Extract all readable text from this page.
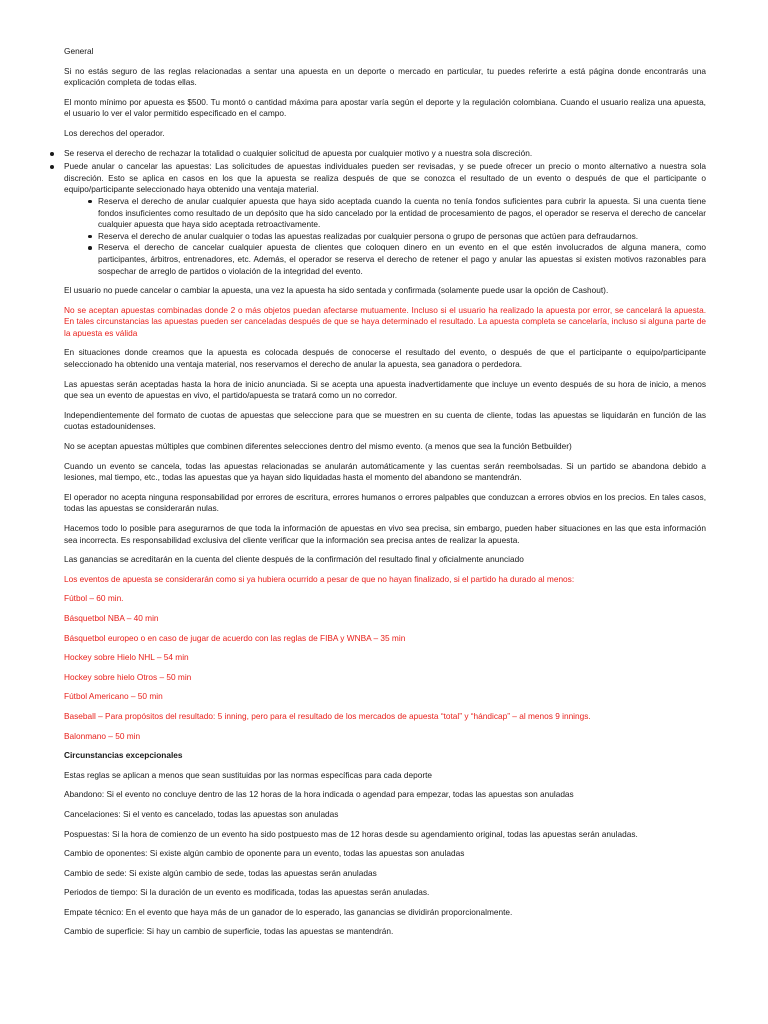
General

Si no estás seguro de las reglas relacionadas a sentar una apuesta en un deporte o mercado en particular, tu puedes referirte a está página donde encontrarás una explicación completa de todas ellas.

El monto mínimo por apuesta es $500. Tu montó o cantidad máxima para apostar varía según el deporte y la regulación colombiana. Cuando el usuario realiza una apuesta, el usuario lo ver el valor permitido especificado en el campo.

Los derechos del operador.

Se reserva el derecho de rechazar la totalidad o cualquier solicitud de apuesta por cualquier motivo y a nuestra sola discreción.
Puede anular o cancelar las apuestas: Las solicitudes de apuestas individuales pueden ser revisadas, y se puede ofrecer un precio o monto alternativo a nuestra sola discreción. Esto se aplica en casos en los que la apuesta se realiza después de que se conozca el resultado de un evento o después de que el participante o equipo/participante seleccionado haya obtenido una ventaja material.
Reserva el derecho de anular cualquier apuesta que haya sido aceptada cuando la cuenta no tenía fondos suficientes para cubrir la apuesta. Si una cuenta tiene fondos insuficientes como resultado de un depósito que ha sido cancelado por la entidad de procesamiento de pagos, el operador se reserva el derecho de cancelar cualquier apuesta que haya sido aceptada retroactivamente.
Reserva el derecho de anular cualquier o todas las apuestas realizadas por cualquier persona o grupo de personas que actúen para defraudarnos.
Reserva el derecho de cancelar cualquier apuesta de clientes que coloquen dinero en un evento en el que estén involucrados de alguna manera, como participantes, árbitros, entrenadores, etc. Además, el operador se reserva el derecho de retener el pago y anular las apuestas si existen motivos razonables para sospechar de arreglo de partidos o violación de la integridad del evento.

El usuario no puede cancelar o cambiar la apuesta, una vez la apuesta ha sido sentada y confirmada (solamente puede usar la opción de Cashout).

No se aceptan apuestas combinadas donde 2 o más objetos puedan afectarse mutuamente. Incluso si el usuario ha realizado la apuesta por error, se cancelará la apuesta. En tales circunstancias las apuestas pueden ser canceladas después de que se haya determinado el resultado. La apuesta completa se cancelaría, incluso si alguna parte de la apuesta es válida

En situaciones donde creamos que la apuesta es colocada después de conocerse el resultado del evento, o después de que el participante o equipo/participante seleccionado ha obtenido una ventaja material, nos reservamos el derecho de anular la apuesta, sea ganadora o perdedora.

Las apuestas serán aceptadas hasta la hora de inicio anunciada. Si se acepta una apuesta inadvertidamente que incluye un evento después de su hora de inicio, a menos que sea un evento de apuestas en vivo, el partido/apuesta se tratará como un no corredor.

Independientemente del formato de cuotas de apuestas que seleccione para que se muestren en su cuenta de cliente, todas las apuestas se liquidarán en función de las cuotas estadounidenses.

No se aceptan apuestas múltiples que combinen diferentes selecciones dentro del mismo evento. (a menos que sea la función Betbuilder)

Cuando un evento se cancela, todas las apuestas relacionadas se anularán automáticamente y las cuentas serán reembolsadas. Si un partido se abandona debido a lesiones, mal tiempo, etc., todas las apuestas que ya hayan sido liquidadas hasta el momento del abandono se mantendrán.

El operador no acepta ninguna responsabilidad por errores de escritura, errores humanos o errores palpables que conduzcan a errores obvios en los precios. En tales casos, todas las apuestas se considerarán nulas.

Hacemos todo lo posible para asegurarnos de que toda la información de apuestas en vivo sea precisa, sin embargo, pueden haber situaciones en las que esta información sea incorrecta. Es responsabilidad exclusiva del cliente verificar que la información sea precisa antes de realizar la apuesta.

Las ganancias se acreditarán en la cuenta del cliente después de la confirmación del resultado final y oficialmente anunciado

Los eventos de apuesta se considerarán como si ya hubiera ocurrido a pesar de que no hayan finalizado, si el partido ha durado al menos:

Fútbol – 60 min.

Básquetbol NBA – 40 min

Básquetbol europeo o en caso de jugar de acuerdo con las reglas de FIBA y WNBA – 35 min

Hockey sobre Hielo NHL – 54 min

Hockey sobre hielo Otros – 50 min

Fútbol Americano – 50 min

Baseball – Para propósitos del resultado: 5 inning, pero para el resultado de los mercados de apuesta “total” y “hándicap” – al menos 9 innings.

Balonmano – 50 min

Circunstancias excepcionales

Estas reglas se aplican a menos que sean sustituidas por las normas específicas para cada deporte

Abandono: Si el evento no concluye dentro de las 12 horas de la hora indicada o agendad para empezar, todas las apuestas son anuladas

Cancelaciones: Si el vento es cancelado, todas las apuestas son anuladas

Pospuestas: Si la hora de comienzo de un evento ha sido postpuesto mas de 12 horas desde su agendamiento original, todas las apuestas serán anuladas.

Cambio de oponentes: Si existe algún cambio de oponente para un evento, todas las apuestas son anuladas

Cambio de sede: Si existe algún cambio de sede, todas las apuestas serán anuladas

Periodos de tiempo: Si la duración de un evento es modificada, todas las apuestas serán anuladas.

Empate técnico: En el evento que haya más de un ganador de lo esperado, las ganancias se dividirán proporcionalmente.

Cambio de superficie: Si hay un cambio de superficie, todas las apuestas se mantendrán.
